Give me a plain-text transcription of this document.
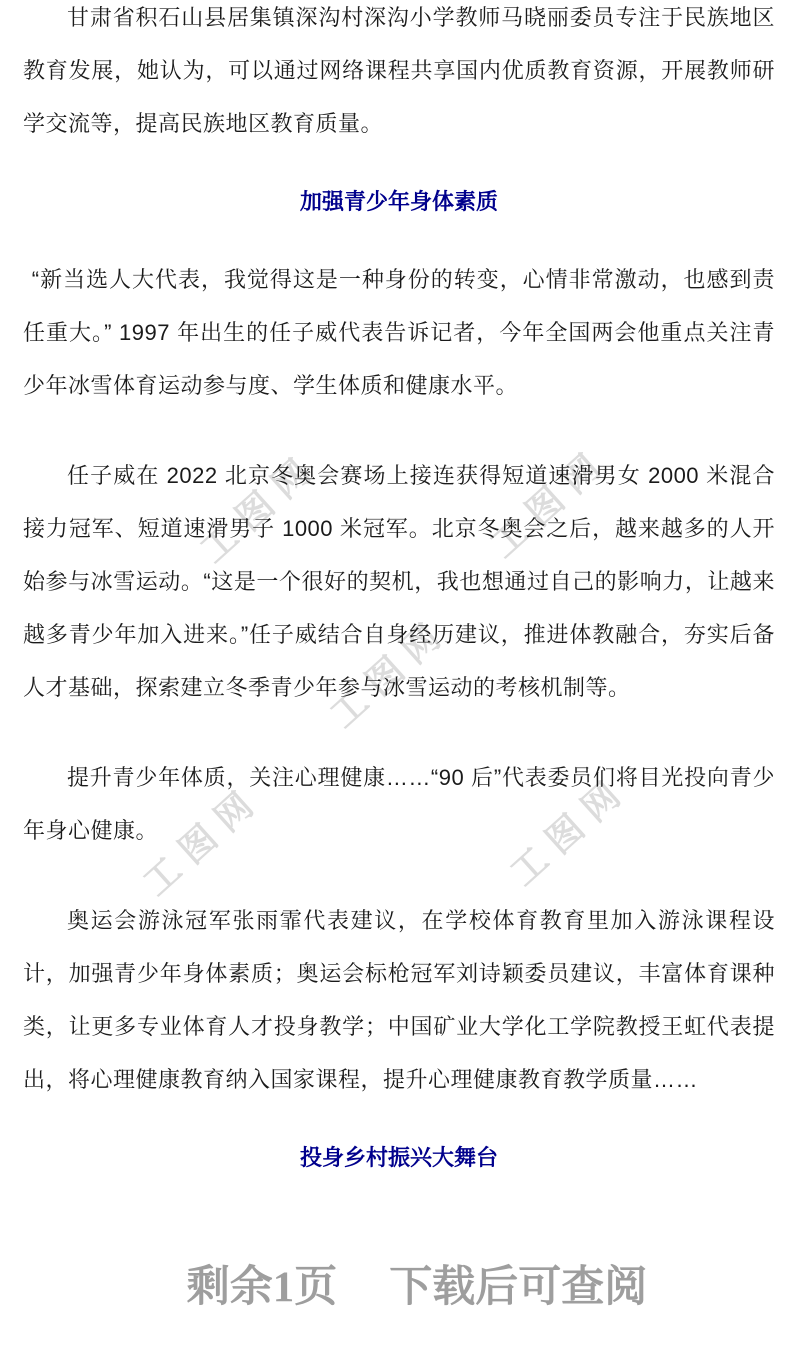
工图网	工图网
工图网
工图网	工图网

甘肃省积石山县居集镇深沟村深沟小学教师马晓丽委员专注于民族地区教育发展，她认为，可以通过网络课程共享国内优质教育资源，开展教师研学交流等，提高民族地区教育质量。

加强青少年身体素质

“新当选人大代表，我觉得这是一种身份的转变，心情非常激动，也感到责任重大。” 1997 年出生的任子威代表告诉记者，今年全国两会他重点关注青少年冰雪体育运动参与度、学生体质和健康水平。

任子威在 2022 北京冬奥会赛场上接连获得短道速滑男女 2000 米混合接力冠军、短道速滑男子 1000 米冠军。北京冬奥会之后，越来越多的人开始参与冰雪运动。“这是一个很好的契机，我也想通过自己的影响力，让越来越多青少年加入进来。”任子威结合自身经历建议，推进体教融合，夯实后备人才基础，探索建立冬季青少年参与冰雪运动的考核机制等。

提升青少年体质，关注心理健康……“90 后”代表委员们将目光投向青少年身心健康。

奥运会游泳冠军张雨霏代表建议，在学校体育教育里加入游泳课程设计，加强青少年身体素质；奥运会标枪冠军刘诗颖委员建议，丰富体育课种类，让更多专业体育人才投身教学；中国矿业大学化工学院教授王虹代表提出，将心理健康教育纳入国家课程，提升心理健康教育教学质量……

投身乡村振兴大舞台
剩余1页 下载后可查阅
